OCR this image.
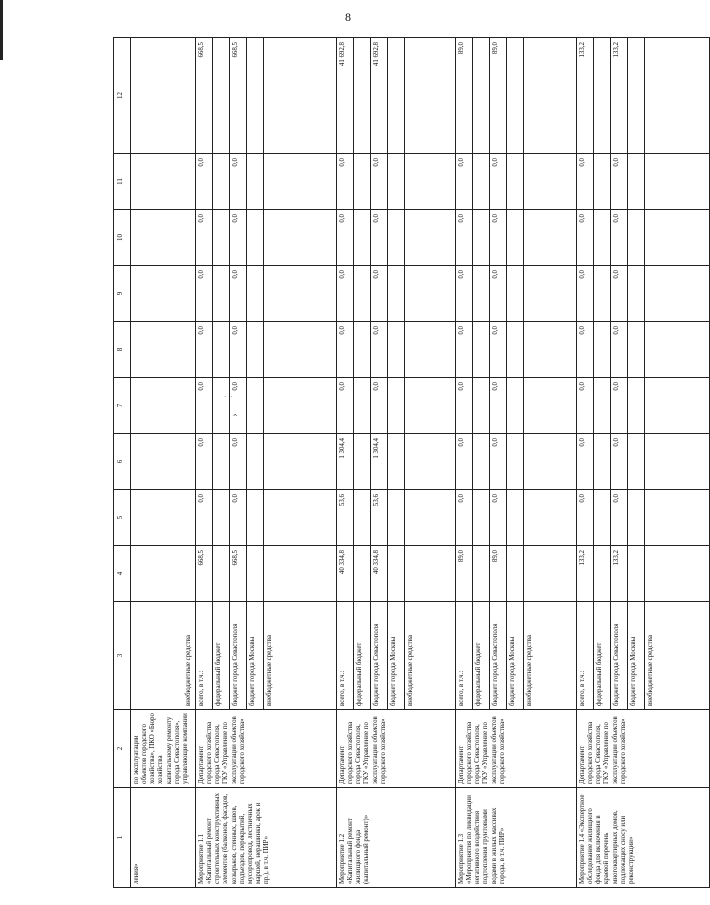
8
· ·
›
1	2	3	4	5	6	7	8	9	10	11	12
ления»	по эксплуатации объектов городского хозяйства», ПКО «Бюро хозяйства капитальному ремонту города Севастополя», управляющие компании	внебюджетные средства									
Мероприятие 1.1 «Капитальный ремонт строительных конструктивных элементов (балконов, фасадов, козырьков, стенных, швов, подъездов, перекрытий, мусоропровод, лестничных маршей, нерашинки, арок и пр.), в т.ч. ПИР»	Департамент городского хозяйства города Севастополя, ГКУ «Управление по эксплуатации объектов городского хозяйства»	всего, в т.ч.:	668,5	0,0	0,0	0,0	0,0	0,0	0,0	0,0	668,5
		федеральный бюджет									
		бюджет города Севастополя	668,5	0,0	0,0	0,0	0,0	0,0	0,0	0,0	668,5
		бюджет города Москвы									
		внебюджетные средства									
Мероприятие 1.2 «Капитальный ремонт жилищного фонда (капитальный ремонт)»	Департамент городского хозяйства города Севастополя, ГКУ «Управление по эксплуатации объектов городского хозяйства»	всего, в т.ч.:	40 334,8	53,6	1 304,4	0,0	0,0	0,0	0,0	0,0	41 692,8
		федеральный бюджет									
		бюджет города Севастополя	40 334,8	53,6	1 304,4	0,0	0,0	0,0	0,0	0,0	41 692,8
		бюджет города Москвы									
		внебюджетные средства									
Мероприятие 1.3 «Мероприятия по ликвидации негативного воздействия подтопления грунтовыми водами в жилых массивах города, в т.ч. ПИР»	Департамент городского хозяйства города Севастополя, ГКУ «Управление по эксплуатации объектов городского хозяйства»	всего, в т.ч.:	89,0	0,0	0,0	0,0	0,0	0,0	0,0	0,0	89,0
		федеральный бюджет									
		бюджет города Севастополя	89,0	0,0	0,0	0,0	0,0	0,0	0,0	0,0	89,0
		бюджет города Москвы									
		внебюджетные средства									
Мероприятие 1.4 «Экспертное обследование жилищного фонда для включения в краевой перечень многоквартирных домов, подлежащих сносу или реконструкции»	Департамент городского хозяйства города Севастополя, ГКУ «Управление по эксплуатации объектов городского хозяйства»	всего, в т.ч.:	133,2	0,0	0,0	0,0	0,0	0,0	0,0	0,0	133,2
		федеральный бюджет									
		бюджет города Севастополя	133,2	0,0	0,0	0,0	0,0	0,0	0,0	0,0	133,2
		бюджет города Москвы									
		внебюджетные средства									
